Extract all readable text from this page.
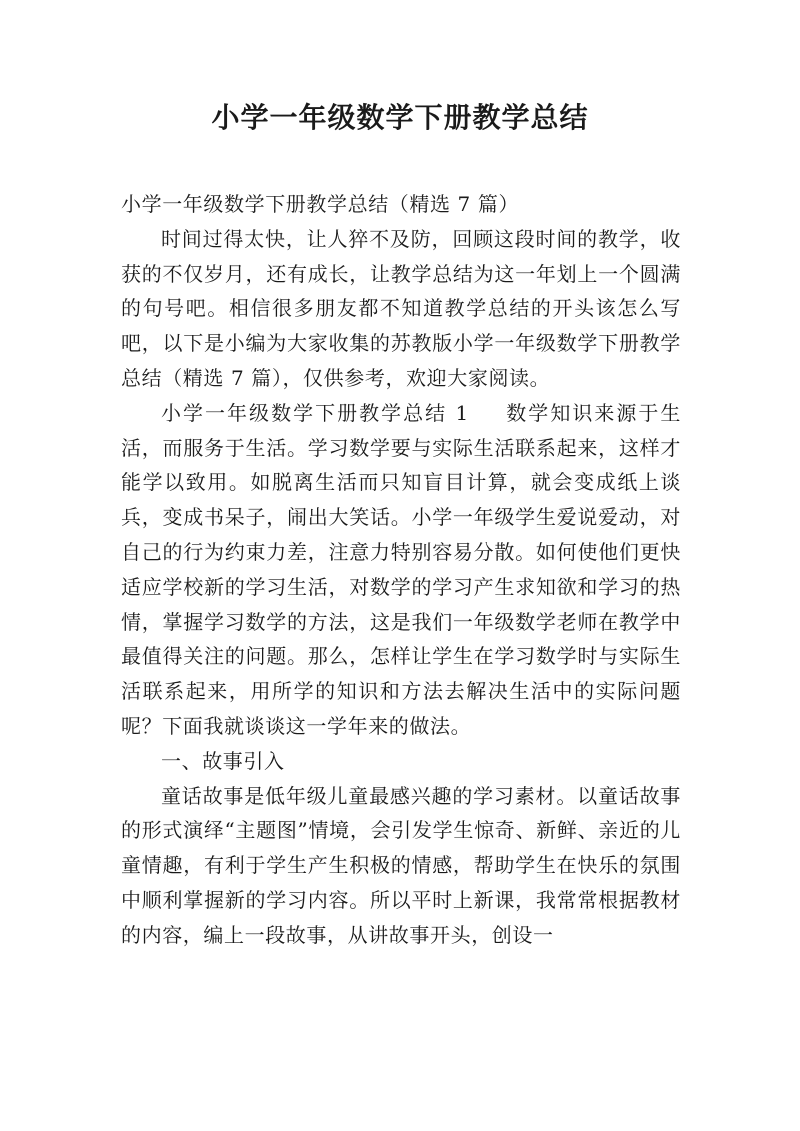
小学一年级数学下册教学总结

小学一年级数学下册教学总结（精选 7 篇）

时间过得太快，让人猝不及防，回顾这段时间的教学，收获的不仅岁月，还有成长，让教学总结为这一年划上一个圆满的句号吧。相信很多朋友都不知道教学总结的开头该怎么写吧，以下是小编为大家收集的苏教版小学一年级数学下册教学总结（精选 7 篇），仅供参考，欢迎大家阅读。

小学一年级数学下册教学总结 1 数学知识来源于生活，而服务于生活。学习数学要与实际生活联系起来，这样才能学以致用。如脱离生活而只知盲目计算，就会变成纸上谈兵，变成书呆子，闹出大笑话。小学一年级学生爱说爱动，对自己的行为约束力差，注意力特别容易分散。如何使他们更快适应学校新的学习生活，对数学的学习产生求知欲和学习的热情，掌握学习数学的方法，这是我们一年级数学老师在教学中最值得关注的问题。那么，怎样让学生在学习数学时与实际生活联系起来，用所学的知识和方法去解决生活中的实际问题呢？下面我就谈谈这一学年来的做法。

一、故事引入

童话故事是低年级儿童最感兴趣的学习素材。以童话故事的形式演绎“主题图”情境，会引发学生惊奇、新鲜、亲近的儿童情趣，有利于学生产生积极的情感，帮助学生在快乐的氛围中顺利掌握新的学习内容。所以平时上新课，我常常根据教材的内容，编上一段故事，从讲故事开头，创设一
